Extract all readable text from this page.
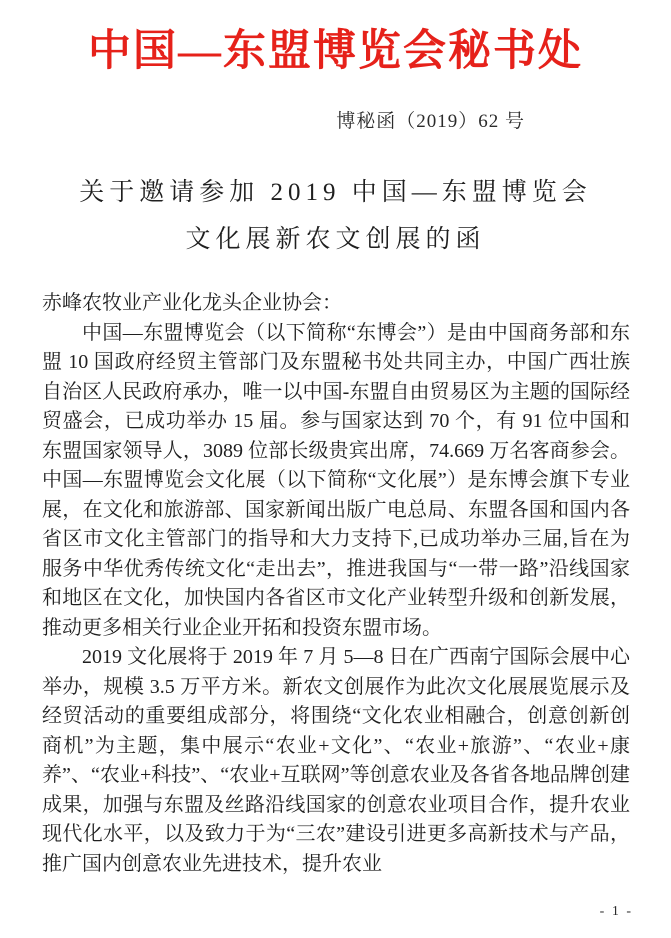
中国—东盟博览会秘书处
博秘函（2019）62 号
关于邀请参加 2019 中国—东盟博览会
文化展新农文创展的函

赤峰农牧业产业化龙头企业协会：

中国—东盟博览会（以下简称“东博会”）是由中国商务部和东盟 10 国政府经贸主管部门及东盟秘书处共同主办，中国广西壮族自治区人民政府承办，唯一以中国-东盟自由贸易区为主题的国际经贸盛会，已成功举办 15 届。参与国家达到 70 个，有 91 位中国和东盟国家领导人，3089 位部长级贵宾出席，74.669 万名客商参会。中国—东盟博览会文化展（以下简称“文化展”）是东博会旗下专业展，在文化和旅游部、国家新闻出版广电总局、东盟各国和国内各省区市文化主管部门的指导和大力支持下,已成功举办三届,旨在为服务中华优秀传统文化“走出去”，推进我国与“一带一路”沿线国家和地区在文化，加快国内各省区市文化产业转型升级和创新发展，推动更多相关行业企业开拓和投资东盟市场。

2019 文化展将于 2019 年 7 月 5—8 日在广西南宁国际会展中心举办，规模 3.5 万平方米。新农文创展作为此次文化展展览展示及经贸活动的重要组成部分，将围绕“文化农业相融合，创意创新创商机”为主题，集中展示“农业+文化”、“农业+旅游”、“农业+康养”、“农业+科技”、“农业+互联网”等创意农业及各省各地品牌创建成果，加强与东盟及丝路沿线国家的创意农业项目合作，提升农业现代化水平，以及致力于为“三农”建设引进更多高新技术与产品，推广国内创意农业先进技术，提升农业

- 1 -
